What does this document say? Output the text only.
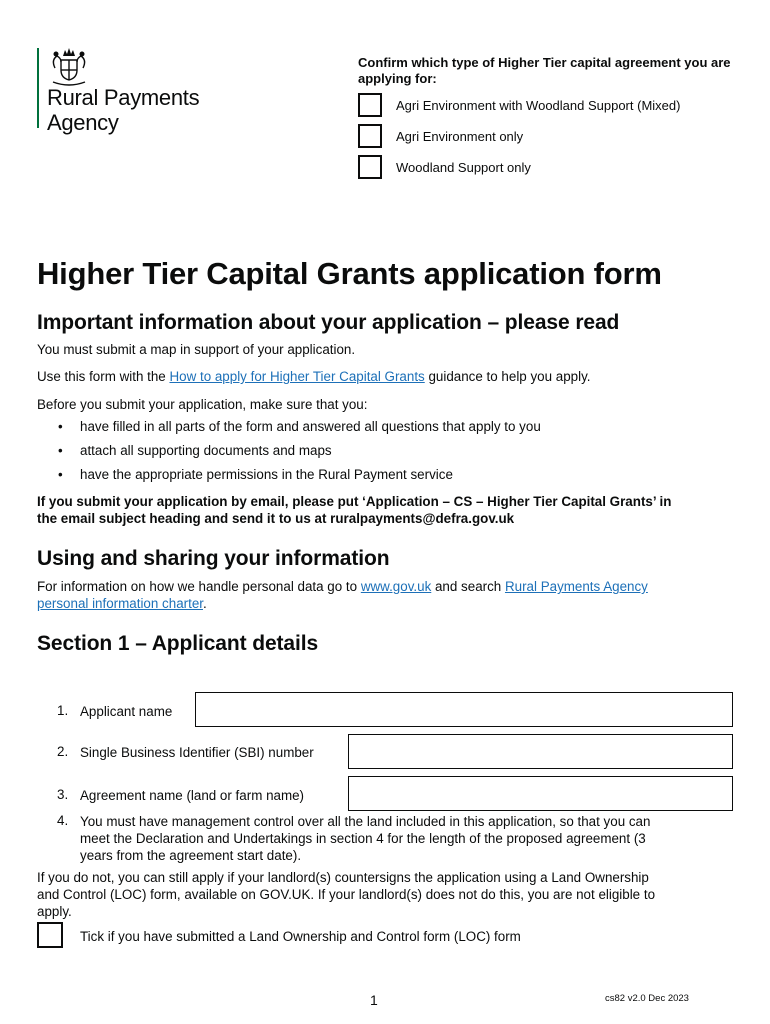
Rural Payments
Agency
Confirm which type of Higher Tier capital agreement you are applying for:
Agri Environment with Woodland Support (Mixed)
Agri Environment only
Woodland Support only
Higher Tier Capital Grants application form
Important information about your application – please read
You must submit a map in support of your application.
Use this form with the How to apply for Higher Tier Capital Grants guidance to help you apply.
Before you submit your application, make sure that you:
• have filled in all parts of the form and answered all questions that apply to you
• attach all supporting documents and maps
• have the appropriate permissions in the Rural Payment service
If you submit your application by email, please put ‘Application – CS – Higher Tier Capital Grants’ in
the email subject heading and send it to us at ruralpayments@defra.gov.uk
Using and sharing your information
For information on how we handle personal data go to www.gov.uk and search Rural Payments Agency
personal information charter.
Section 1 – Applicant details
1. Applicant name
2. Single Business Identifier (SBI) number
3. Agreement name (land or farm name)
4. You must have management control over all the land included in this application, so that you can
meet the Declaration and Undertakings in section 4 for the length of the proposed agreement (3
years from the agreement start date).
If you do not, you can still apply if your landlord(s) countersigns the application using a Land Ownership
and Control (LOC) form, available on GOV.UK. If your landlord(s) does not do this, you are not eligible to
apply.
Tick if you have submitted a Land Ownership and Control form (LOC) form
1	cs82 v2.0 Dec 2023
